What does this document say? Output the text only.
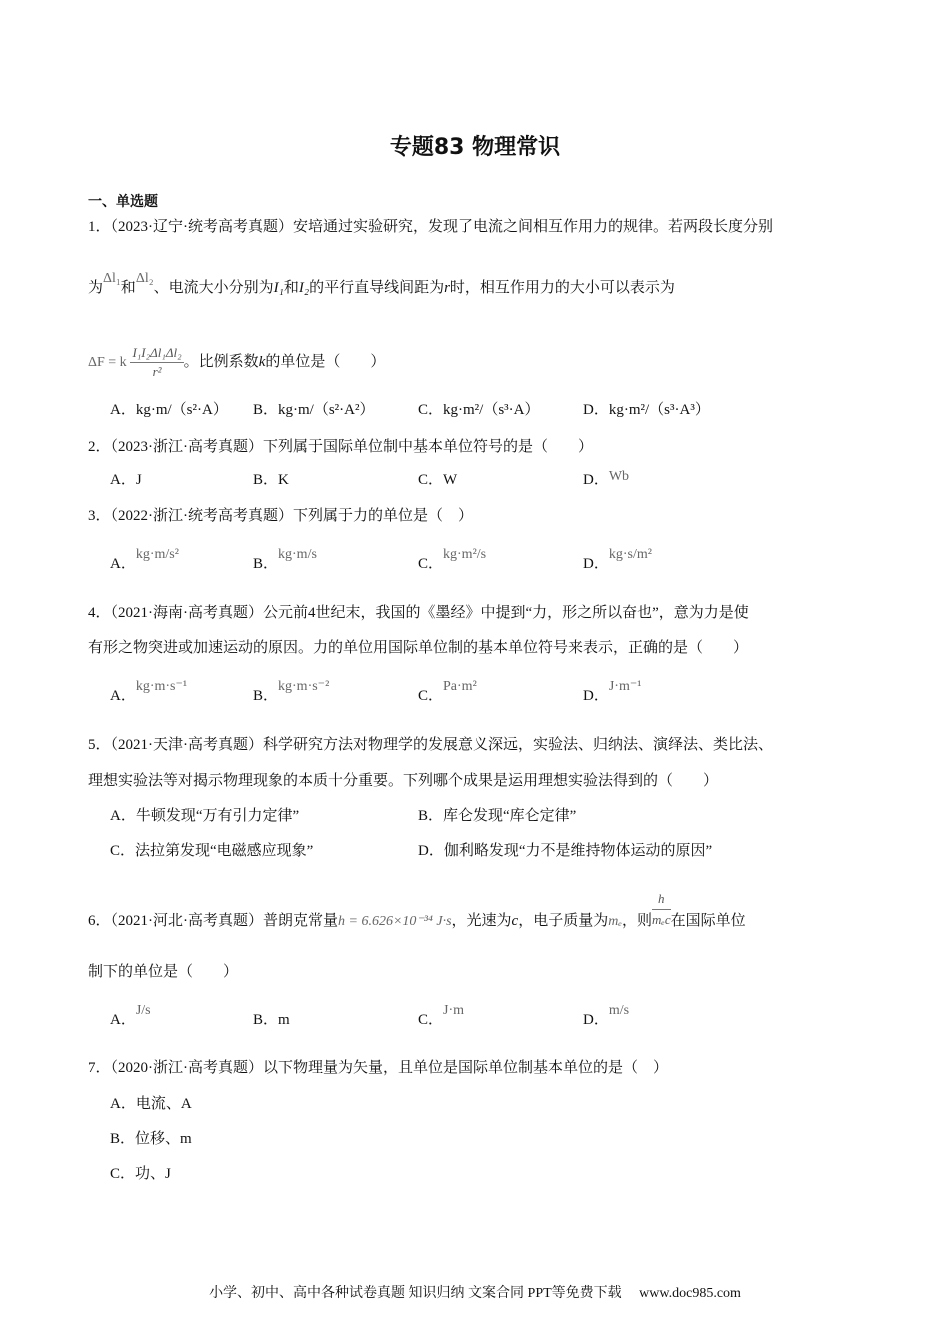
专题83 物理常识
一、单选题
1．（2023·辽宁·统考高考真题）安培通过实验研究，发现了电流之间相互作用力的规律。若两段长度分别
为Δl₁和Δl₂、电流大小分别为I₁和I₂的平行直导线间距为r时，相互作用力的大小可以表示为
ΔF = k $\frac{\text{I₁I₂Δl₁Δl₂}}{\text{r²}}$ 。比例系数k的单位是（　　）
A．kg·m/（s²·A） B．kg·m/（s²·A²）	C．kg·m²/（s³·A）	D．kg·m²/（s³·A³）
2．（2023·浙江·高考真题）下列属于国际单位制中基本单位符号的是（　　）
A．J	B．K	C．W	D．Wb
3．（2022·浙江·统考高考真题）下列属于力的单位是（　）
A．kg·m/s²
B．kg·m/s
C．kg·m²/s
D．kg·s/m²
4．（2021·海南·高考真题）公元前4世纪末，我国的《墨经》中提到“力，形之所以奋也”，意为力是使
有形之物突进或加速运动的原因。力的单位用国际单位制的基本单位符号来表示，正确的是（　　）
A．kg·m·s⁻¹
B．kg·m·s⁻²
C．Pa·m²
D．J·m⁻¹
5．（2021·天津·高考真题）科学研究方法对物理学的发展意义深远，实验法、归纳法、演绎法、类比法、
理想实验法等对揭示物理现象的本质十分重要。下列哪个成果是运用理想实验法得到的（　　）
A．牛顿发现“万有引力定律”	B．库仑发现“库仑定律”
C．法拉第发现“电磁感应现象”	D．伽利略发现“力不是维持物体运动的原因”
6．（2021·河北·高考真题）普朗克常量h = 6.626×10⁻³⁴ J·s，光速为c，电子质量为mₑ，则 $\frac{h}{\text{mₑc}}$ 在国际单位
制下的单位是（　　）
A．J/s
B．m	C．J·m
D．m/s
7．（2020·浙江·高考真题）以下物理量为矢量，且单位是国际单位制基本单位的是（　）
A．电流、A
B．位移、m
C．功、J
小学、初中、高中各种试卷真题 知识归纳 文案合同 PPT等免费下载　 www.doc985.com
